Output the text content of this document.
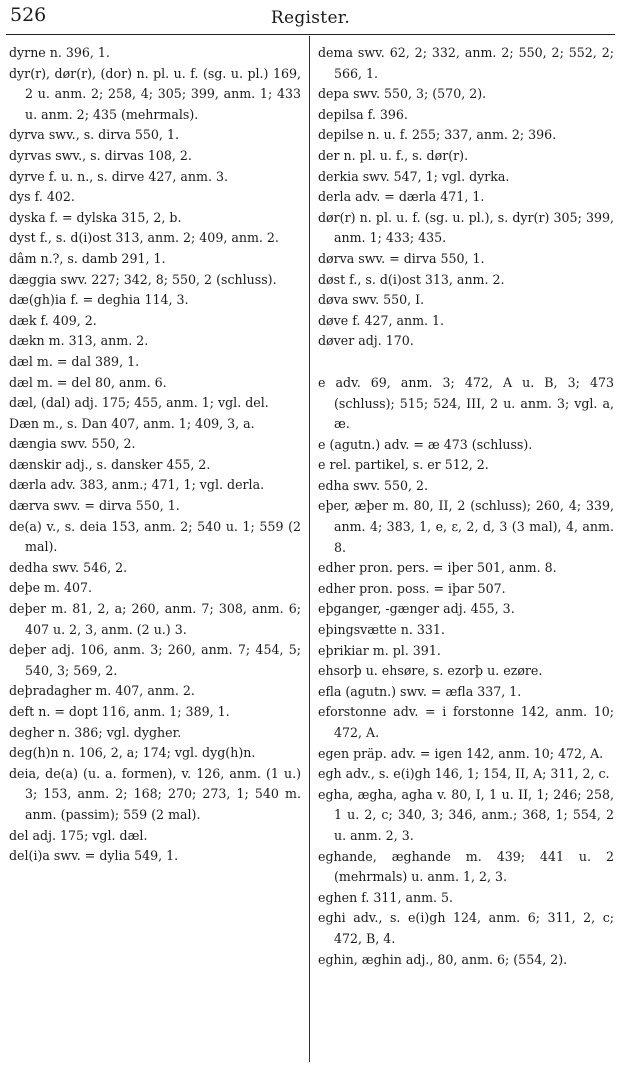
526	Register.
dyrne n. 396, 1.
dyr(r), dør(r), (dor) n. pl. u. f. (sg. u. pl.) 169, 2 u. anm. 2; 258, 4; 305; 399, anm. 1; 433 u. anm. 2; 435 (mehrmals).
dyrva swv., s. dirva 550, 1.
dyrvas swv., s. dirvas 108, 2.
dyrve f. u. n., s. dirve 427, anm. 3.
dys f. 402.
dyska f. = dylska 315, 2, b.
dyst f., s. d(i)ost 313, anm. 2; 409, anm. 2.
dâm n.?, s. damb 291, 1.
dæggia swv. 227; 342, 8; 550, 2 (schluss).
dæ(gh)ia f. = deghia 114, 3.
dæk f. 409, 2.
dækn m. 313, anm. 2.
dæl m. = dal 389, 1.
dæl m. = del 80, anm. 6.
dæl, (dal) adj. 175; 455, anm. 1; vgl. del.
Dæn m., s. Dan 407, anm. 1; 409, 3, a.
dængia swv. 550, 2.
dænskir adj., s. dansker 455, 2.
dærla adv. 383, anm.; 471, 1; vgl. derla.
dærva swv. = dirva 550, 1.
de(a) v., s. deia 153, anm. 2; 540 u. 1; 559 (2 mal).
dedha swv. 546, 2.
deþe m. 407.
deþer m. 81, 2, a; 260, anm. 7; 308, anm. 6; 407 u. 2, 3, anm. (2 u.) 3.
deþer adj. 106, anm. 3; 260, anm. 7; 454, 5; 540, 3; 569, 2.
deþradagher m. 407, anm. 2.
deft n. = dopt 116, anm. 1; 389, 1.
degher n. 386; vgl. dygher.
deg(h)n n. 106, 2, a; 174; vgl. dyg(h)n.
deia, de(a) (u. a. formen), v. 126, anm. (1 u.) 3; 153, anm. 2; 168; 270; 273, 1; 540 m. anm. (passim); 559 (2 mal).
del adj. 175; vgl. dæl.
del(i)a swv. = dylia 549, 1.
dema swv. 62, 2; 332, anm. 2; 550, 2; 552, 2; 566, 1.
depa swv. 550, 3; (570, 2).
depilsa f. 396.
depilse n. u. f. 255; 337, anm. 2; 396.
der n. pl. u. f., s. dør(r).
derkia swv. 547, 1; vgl. dyrka.
derla adv. = dærla 471, 1.
dør(r) n. pl. u. f. (sg. u. pl.), s. dyr(r) 305; 399, anm. 1; 433; 435.
dørva swv. = dirva 550, 1.
døst f., s. d(i)ost 313, anm. 2.
døva swv. 550, I.
døve f. 427, anm. 1.
døver adj. 170.
e adv. 69, anm. 3; 472, A u. B, 3; 473 (schluss); 515; 524, III, 2 u. anm. 3; vgl. a, æ.
e (agutn.) adv. = æ 473 (schluss).
e rel. partikel, s. er 512, 2.
edha swv. 550, 2.
eþer, æþer m. 80, II, 2 (schluss); 260, 4; 339, anm. 4; 383, 1, e, ε, 2, d, 3 (3 mal), 4, anm. 8.
edher pron. pers. = iþer 501, anm. 8.
edher pron. poss. = iþar 507.
eþganger, -gænger adj. 455, 3.
eþingsvætte n. 331.
eþrikiar m. pl. 391.
ehsorþ u. ehsøre, s. ezorþ u. ezøre.
efla (agutn.) swv. = æfla 337, 1.
eforstonne adv. = i forstonne 142, anm. 10; 472, A.
egen präp. adv. = igen 142, anm. 10; 472, A.
egh adv., s. e(i)gh 146, 1; 154, II, A; 311, 2, c.
egha, ægha, agha v. 80, I, 1 u. II, 1; 246; 258, 1 u. 2, c; 340, 3; 346, anm.; 368, 1; 554, 2 u. anm. 2, 3.
eghande, æghande m. 439; 441 u. 2 (mehrmals) u. anm. 1, 2, 3.
eghen f. 311, anm. 5.
eghi adv., s. e(i)gh 124, anm. 6; 311, 2, c; 472, B, 4.
eghin, æghin adj., 80, anm. 6; (554, 2).
